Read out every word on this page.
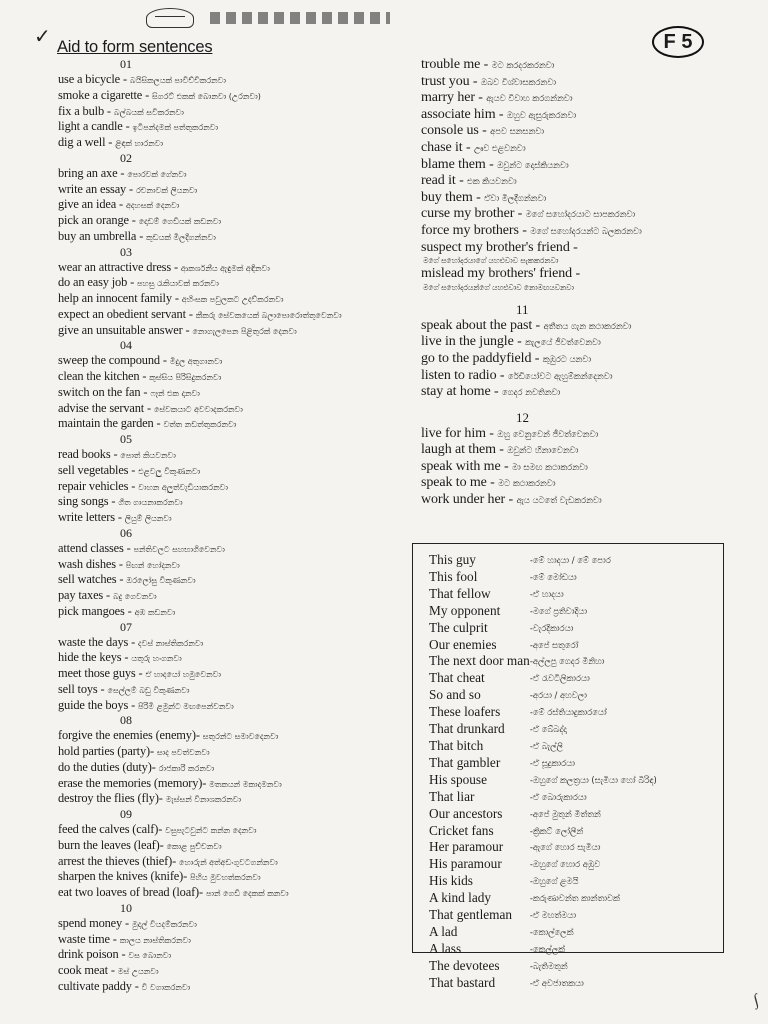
✓ Aid to form sentences	F 5
01
use a bicycle - බයිසිකලයක් පාවිච්චිකරනවා
smoke a cigarette - සිගරට් එකක් බොනවා (උරනවා)
fix a bulb - බල්බයක් සවිකරනවා
light a candle - ඉටිපන්දමක් පත්තුකරනවා
dig a well - ළිඳක් හාරනවා
02
bring an axe - පොරවක් ගේනවා
write an essay - රචනාවක් ලියනවා
give an idea - අදහසක් දෙනවා
pick an orange - දොඩම් ගෙඩියක් කඩනවා
buy an umbrella - කුඩයක් මිලදීගන්නවා
03
wear an attractive dress - ආකර්ශනීය ඇඳුමක් අඳිනවා
do an easy job - පහසු රැකියාවක් කරනවා
help an innocent family - අහිංසක පවුලකට උදව්කරනවා
expect an obedient servant - කීකරු සේවකයෙක් බලාපොරොත්තුවෙනවා
give an unsuitable answer - නොගැලපෙන පිළිතුරක් දෙනවා
04
sweep the compound - මිදුල අතුගානවා
clean the kitchen - කුස්සිය පිරිසිදුකරනවා
switch on the fan - ෆෑන් එක දානවා
advise the servant - සේවකයාට අවවාදකරනවා
maintain the garden - වත්ත නඩත්තුකරනවා
05
read books - පොත් කියවනවා
sell vegetables - එළවලු විකුණනවා
repair vehicles - වාහන අලුත්වැඩියාකරනවා
sing songs - ගීත ගායනාකරනවා
write letters - ලියුම් ලියනවා
06
attend classes - පන්තිවලට සහභාගිවෙනවා
wash dishes - පිඟන් හෝදනවා
sell watches - ඔරලෝසු විකුණනවා
pay taxes - බදු ගෙවනවා
pick mangoes - අඹ කඩනවා
07
waste the days - දවස් නාස්තිකරනවා
hide the keys - යතුරු හංගනවා
meet those guys - ඒ හාදයෝ හමුවෙනවා
sell toys - සෙල්ලම් බඩු විකුණනවා
guide the boys - පිරිමි ළමුන්ට මඟපෙන්වනවා
08
forgive the enemies (enemy)- සතුරන්ට සමාවදෙනවා
hold parties (party)- සාද පවත්වනවා
do the duties (duty)- රාජකාරි කරනවා
erase the memories (memory)- මතකයන් මකාදමනවා
destroy the flies (fly)- මැස්සන් විනාශකරනවා
09
feed the calves (calf)- වසුපැටවුන්ට කන්න දෙනවා
burn the leaves (leaf)- කොළ පුච්චනවා
arrest the thieves (thief)- හොරුන් අත්අඩංගුවටගන්නවා
sharpen the knives (knife)- පිහිය මුවහත්කරනවා
eat two loaves of bread (loaf)- පාන් ගෙඩි දෙකක් කනවා
10
spend money - මුදල් වියදම්කරනවා
waste time - කාලය නාස්තිකරනවා
drink poison - වස බොනවා
cook meat - මස් උයනවා
cultivate paddy - වී වගාකරනවා
trouble me - මට කරදරකරනවා
trust you - ඔබව විශ්වාසකරනවා
marry her - ඇයව විවාහ කරගන්නවා
associate him - ඔහුව ඇසුරුකරනවා
console us - අපව සනසනවා
chase it - ඌව එළවනවා
blame them - ඔවුන්ට දොස්කියනවා
read it - එක කියවනවා
buy them - ඒවා මිලදීගන්නවා
curse my brother - මගේ සහෝදරයාට සාපකරනවා
force my brothers - මගේ සහෝදරයන්ට බලකරනවා
suspect my brother's friend -
මගේ සහෝදරයාගේ යහළුවාව සැකකරනවා
mislead my brothers' friend -
මගේ සහෝදරයන්ගේ යහළුවාව නොමඟයවනවා
11
speak about the past - අතීතය ගැන කථාකරනවා
live in the jungle - කැලයේ ජීවත්වෙනවා
go to the paddyfield - කුඹුරට යනවා
listen to radio - රේඩියෝවට ඇහුම්කන්දෙනවා
stay at home - ගෙදර නවතිනවා
12
live for him - ඔහු වෙනුවෙන් ජීවත්වෙනවා
laugh at them - ඔවුන්ට හිනාවෙනවා
speak with me - මා සමඟ කථාකරනවා
speak to me - මට කථාකරනවා
work under her - ඇය යටතේ වැඩකරනවා
This guy	-මේ හාදයා / මේ පොර
This fool	-මේ මෝඩයා
That fellow	-ඒ හාදයා
My opponent	-මගේ ප්‍රතිවාදියා
The culprit	-වැරදිකාරයා
Our enemies	-අපේ සතුරෝ
The next door man	-අල්ලපු ගෙදර මිනිහා
That cheat	-ඒ රැවටිලිකාරයා
So and so	-අරයා / අහවලා
These loafers	-මේ රස්තියාදුකාරයෝ
That drunkard	-ඒ බේබද්දා
That bitch	-ඒ බැල්ලි
That gambler	-ඒ සූදුකාරයා
His spouse	-ඔහුගේ කලත්‍රයා (සැමියා හෝ බිරිඳ)
That liar	-ඒ බොරුකාරයා
Our ancestors	-අපේ මුතුන් මිත්තන්
Cricket fans	-ක්‍රිකට් ලෝලීන්
Her paramour	-ඇගේ හොර සැමියා
His paramour	-ඔහුගේ හොර අඹුව
His kids	-ඔහුගේ ළමයි
A kind lady	-කරුණාවන්ත කාන්තාවක්
That gentleman	-ඒ මහත්මයා
A lad	-කොල්ලෙක්
A lass	-කෙල්ලක්
The devotees	-බැතිමතුන්
That bastard	-ඒ අවජාතකයා
∫
